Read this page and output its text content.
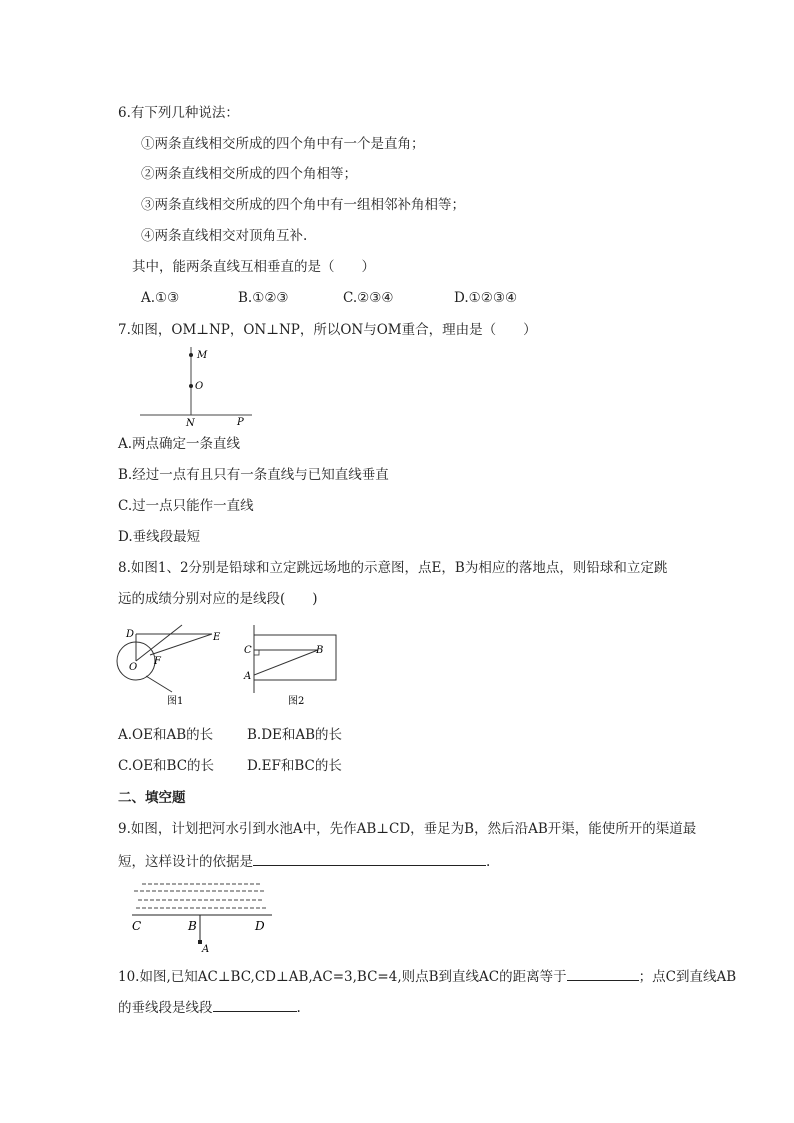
6.有下列几种说法：
①两条直线相交所成的四个角中有一个是直角；
②两条直线相交所成的四个角相等；
③两条直线相交所成的四个角中有一组相邻补角相等；
④两条直线相交对顶角互补.
其中，能两条直线互相垂直的是（　　）
A.①③	B.①②③	C.②③④	D.①②③④
7.如图，OM⊥NP，ON⊥NP，所以ON与OM重合，理由是（　　）
M
O
N	P
A.两点确定一条直线
B.经过一点有且只有一条直线与已知直线垂直
C.过一点只能作一直线
D.垂线段最短
8.如图1、2分别是铅球和立定跳远场地的示意图，点E，B为相应的落地点，则铅球和立定跳
远的成绩分别对应的是线段(　　)
D	E
O
F
图1
C	B
A
图2
A.OE和AB的长	B.DE和AB的长
C.OE和BC的长 D.EF和BC的长
二、填空题
9.如图，计划把河水引到水池A中，先作AB⊥CD，垂足为B，然后沿AB开渠，能使所开的渠道最
短，这样设计的依据是	.
C	B	D
A
10.如图,已知AC⊥BC,CD⊥AB,AC=3,BC=4,则点B到直线AC的距离等于	；点C到直线AB
的垂线段是线段	.
